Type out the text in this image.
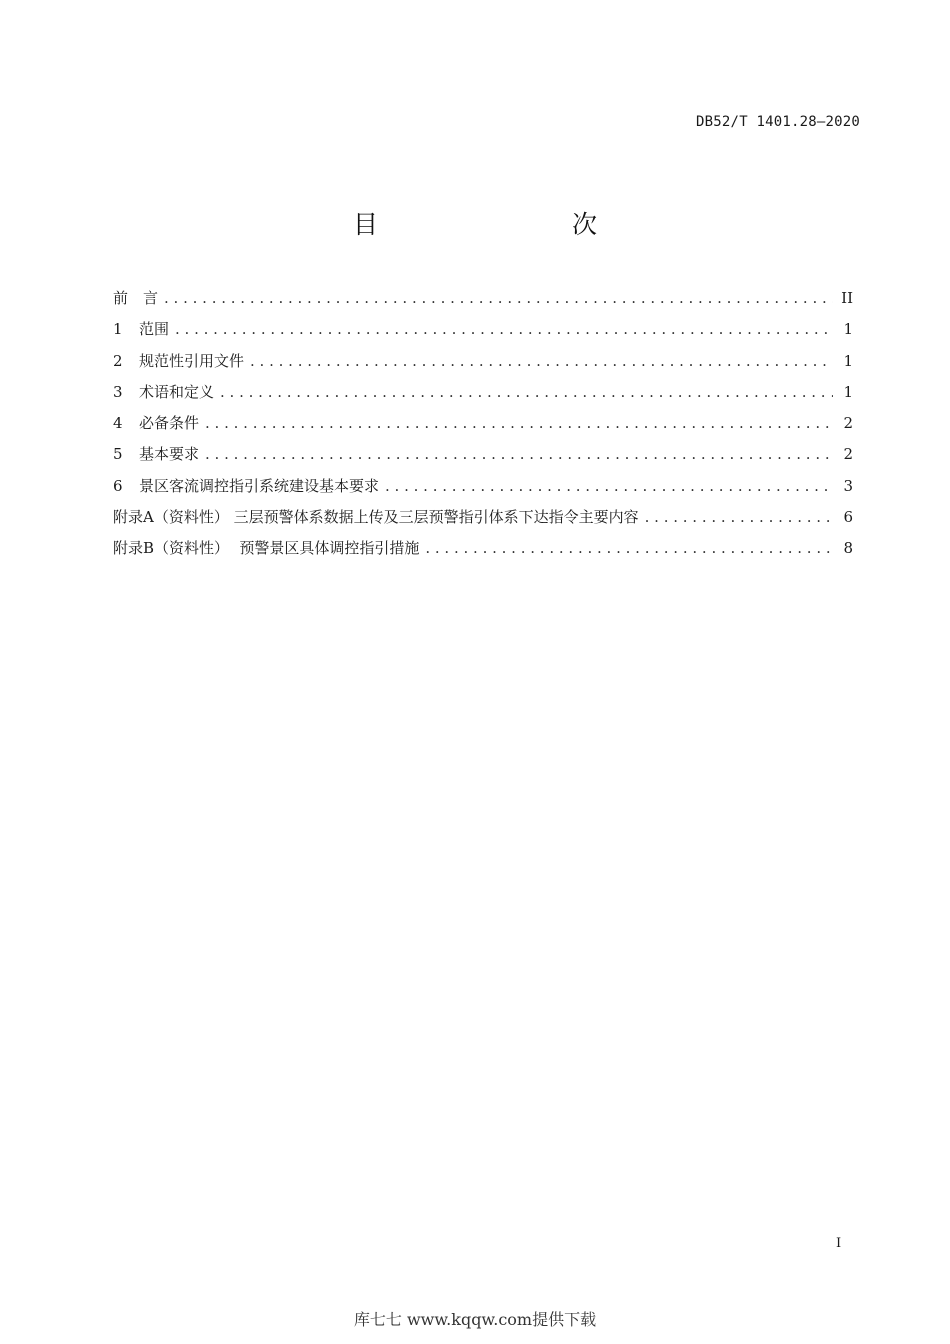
DB52/T 1401.28—2020
目　　次
前　言 . . .	II
1	范围 . . .	1
2	规范性引用文件 . . .	1
3	术语和定义 . . .	1
4	必备条件 . . .	2
5	基本要求 . . .	2
6	景区客流调控指引系统建设基本要求 . . .	3
附录A（资料性） 三层预警体系数据上传及三层预警指引体系下达指令主要内容 . . .	6
附录B（资料性） 预警景区具体调控指引措施 . . .	8
I
库七七 www.kqqw.com提供下载
